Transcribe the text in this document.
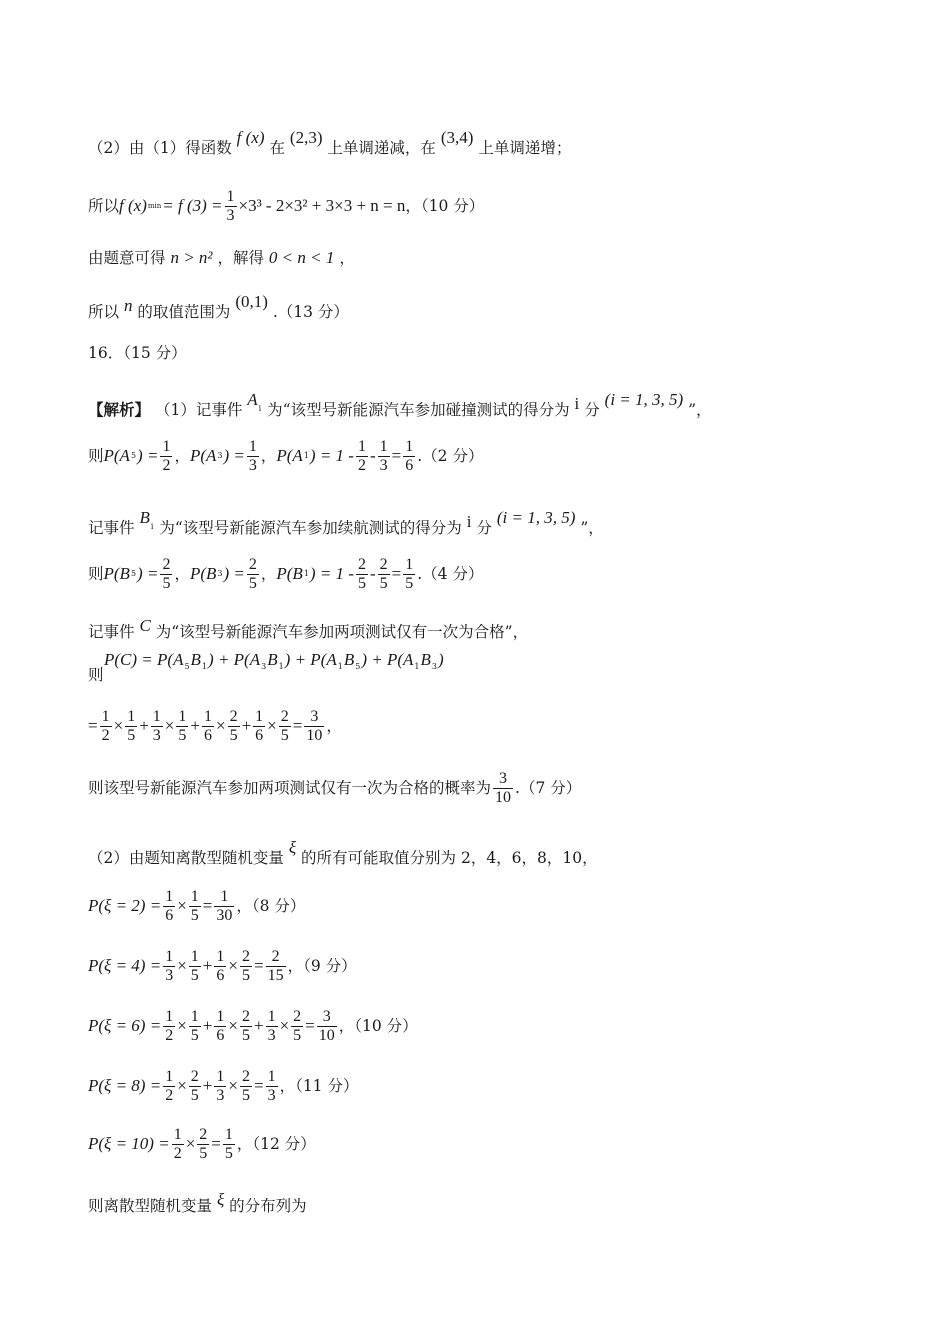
（2）由（1）得函数 f (x) 在 (2,3) 上单调递减，在 (3,4) 上单调递增；
所以 f (x) min = f $(3) = \frac{1}{3} \times 3^3 - 2\times 3^2 + 3\times 3 + n = n$ ，（10 分）
由题意可得 n > n² ，解得 0 < n < 1 ，
所以 n 的取值范围为 (0,1) .（13 分）
16．（15 分）
【解析】 （1）记事件 $A^i$ 为“该型号新能源汽车参加碰撞测试的得分为 i 分 (i = 1, 3, 5) ”，
则 P(A 5 ) = $\frac{1}{2}$ ， P(A 3 ) = $\frac{1}{3}$ ， P(A 1 ) = $1 - \frac{1}{2} - \frac{1}{3} = \frac{1}{6} .(2$ 分）
记事件 $B^i$ 为“该型号新能源汽车参加续航测试的得分为 i 分 (i = 1, 3, 5) ”，
则 P(B 5 ) = $\frac{2}{5}$ ， P(B 3 ) = $\frac{2}{5}$ ， P(B 1 ) = $1 - \frac{2}{5} - \frac{2}{5} = \frac{1}{5} .(4$ 分）
记事件 C 为“该型号新能源汽车参加两项测试仅有一次为合格”，
则
$P(C) = P(A_5B_1) + P(A_3B_1) + P(A_1B_5) + P(A_1B_3)$
= $\frac{1}{2} \times \frac{1}{5} + \frac{1}{3} \times \frac{1}{5} + \frac{1}{6} \times \frac{2}{5} + \frac{1}{6} \times \frac{2}{5} = \frac{3}{10}$ ，
则该型号新能源汽车参加两项测试仅有一次为合格的概率为 $\frac{3}{10} .(7$ 分）
（2）由题知离散型随机变量 ξ 的所有可能取值分别为 2，4，6，8，10，
$P(\xi = 2) = \frac{1}{6} \times \frac{1}{5} = \frac{1}{30}$ ，（8 分）
$P(\xi = 4) = \frac{1}{3} \times \frac{1}{5} + \frac{1}{6} \times \frac{2}{5} = \frac{2}{15}$ ，（9 分）
$P(\xi = 6) = \frac{1}{2} \times \frac{1}{5} + \frac{1}{6} \times \frac{2}{5} + \frac{1}{3} \times \frac{2}{5} = \frac{3}{10}$ ，（10 分）
$P(\xi = 8) = \frac{1}{2} \times \frac{2}{5} + \frac{1}{3} \times \frac{2}{5} = \frac{1}{3}$ ，（11 分）
$P(\xi = 10) = \frac{1}{2} \times \frac{2}{5} = \frac{1}{5}$ ，（12 分）
则离散型随机变量 ξ 的分布列为
